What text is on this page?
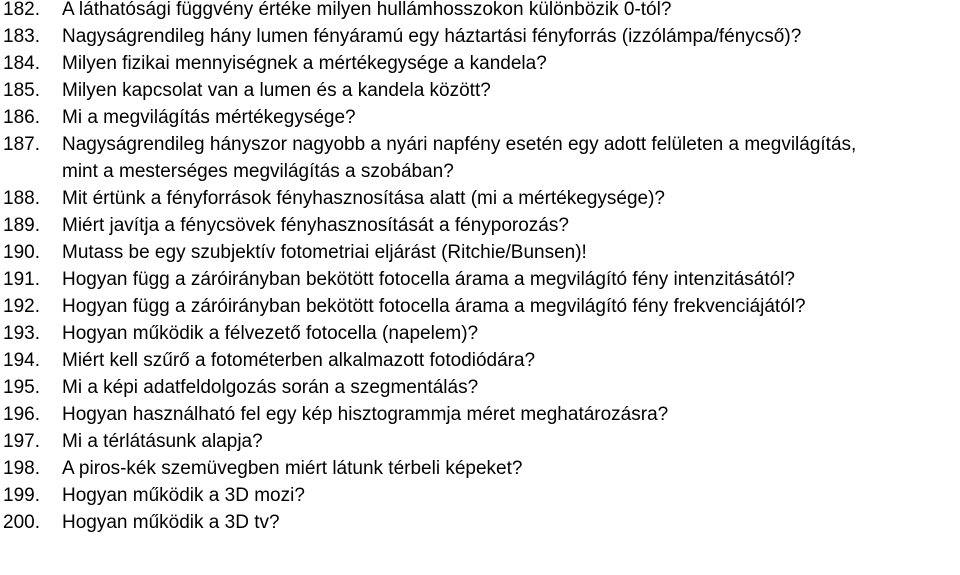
182.	A láthatósági függvény értéke milyen hullámhosszokon különbözik 0-tól?
183.	Nagyságrendileg hány lumen fényáramú egy háztartási fényforrás (izzólámpa/fénycső)?
184.	Milyen fizikai mennyiségnek a mértékegysége a kandela?
185.	Milyen kapcsolat van a lumen és a kandela között?
186.	Mi a megvilágítás mértékegysége?
187.	Nagyságrendileg hányszor nagyobb a nyári napfény esetén egy adott felületen a megvilágítás,
mint a mesterséges megvilágítás a szobában?
188.	Mit értünk a fényforrások fényhasznosítása alatt (mi a mértékegysége)?
189.	Miért javítja a fénycsövek fényhasznosítását a fényporozás?
190.	Mutass be egy szubjektív fotometriai eljárást (Ritchie/Bunsen)!
191.	Hogyan függ a záróirányban bekötött fotocella árama a megvilágító fény intenzitásától?
192.	Hogyan függ a záróirányban bekötött fotocella árama a megvilágító fény frekvenciájától?
193.	Hogyan működik a félvezető fotocella (napelem)?
194.	Miért kell szűrő a fotométerben alkalmazott fotodiódára?
195.	Mi a képi adatfeldolgozás során a szegmentálás?
196.	Hogyan használható fel egy kép hisztogrammja méret meghatározásra?
197.	Mi a térlátásunk alapja?
198.	A piros-kék szemüvegben miért látunk térbeli képeket?
199.	Hogyan működik a 3D mozi?
200.	Hogyan működik a 3D tv?
